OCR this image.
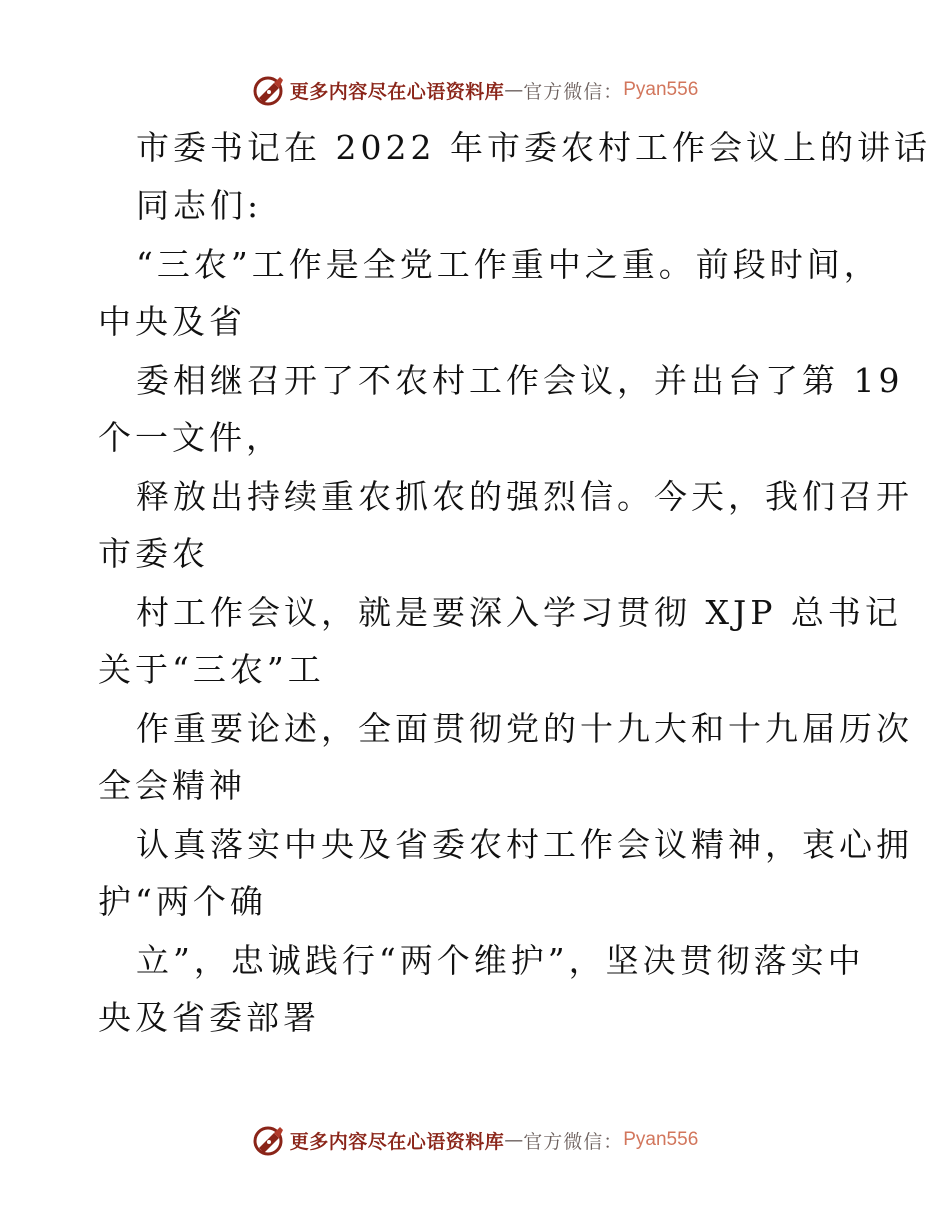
更多内容尽在心语资料库 — 官方微信： Pyan556
市委书记在 2022 年市委农村工作会议上的讲话
同志们:
“三农”工作是全党工作重中之重。前段时间，
中央及省
委相继召开了不农村工作会议，并出台了第 19
个一文件，
释放出持续重农抓农的强烈信。今天，我们召开
市委农
村工作会议，就是要深入学习贯彻 XJP 总书记
关于“三农”工
作重要论述，全面贯彻党的十九大和十九届历次
全会精神
认真落实中央及省委农村工作会议精神，衷心拥
护“两个确
立”，忠诚践行“两个维护”，坚决贯彻落实中
央及省委部署
更多内容尽在心语资料库 — 官方微信： Pyan556
